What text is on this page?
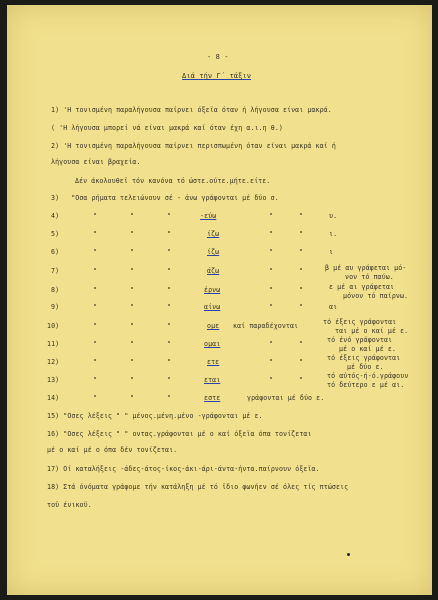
- 8 -
Διά τήν Γ΄ τάξιν
1) 'Η τονισμένη παραλήγουσα παίρνει όξεϊα όταν ή λήγουσα είναι μακρά.
( 'Η λήγουσα μπορεί νά είναι μακρά καί όταν έχη α.ι.η θ.)
2) 'Η τονισμένη παραλήγουσα παίρνει περισπωμένη όταν είναι μακρά καί ή
λήγουσα είναι βραχεία.
Δέν άκολουθεϊ τόν κανόνα τό ώστε.ούτε.μήτε.είτε.
3) "Οσα ρήματα τελειώνουν σέ - άνω γράφονται μέ δύο σ.
4)	"	"	"	-εύω	"	"	υ.
5)	"	"	"	ίζω	"	"	ι.
6)	"	"	"	ίζω	"	"	ι
7)	"	"	"	άζω	"	"	β μέ αυ γράφεται μό-
νον τό παύω.
8)	"	"	"	έρνω	"	"	ε μέ αι γράφεται
μόνον τό παίρνω.
9)	"	"	"	αίνω	"	"	αι
10)	"	"	"	ομε καί παραδέχονται	τό έξεις γράφονται
ται μέ ο καί μέ ε.
11)	"	"	"	ομαι	"	"	τό ένό γράφονται
μέ ο καί μέ ε.
12)	"	"	"	ετε	"	"	τό έξεις γράφονται
μέ δύο ε.
13)	"	"	"	εται	"	"	τό αύτός-ή-ό.γράφουν
τό δεύτερο ε μέ αι.
14)	"	"	"	εστε	γράφονται μέ δύο ε.
15) "Οσες λέξεις " " μένος.μένη.μένο -γράφονται μέ ε.
16) "Οσες λέξεις " " οντας.γράφονται μέ ο καί όξεϊα όπα τονίζεται
μέ ο καί μέ ο όπα δέν τονίζεται.
17) Οί καταλήξεις -άδες-άτος-ίκος-άκι-άρι-άντα-ήντα.παίρνουν όξεϊα.
18) Στά όνόματα γράφομε τήν κατάληξη μέ τό ϊδιο φωνήεν σέ όλες τίς πτώσεις
τοϋ ένικοϋ.
